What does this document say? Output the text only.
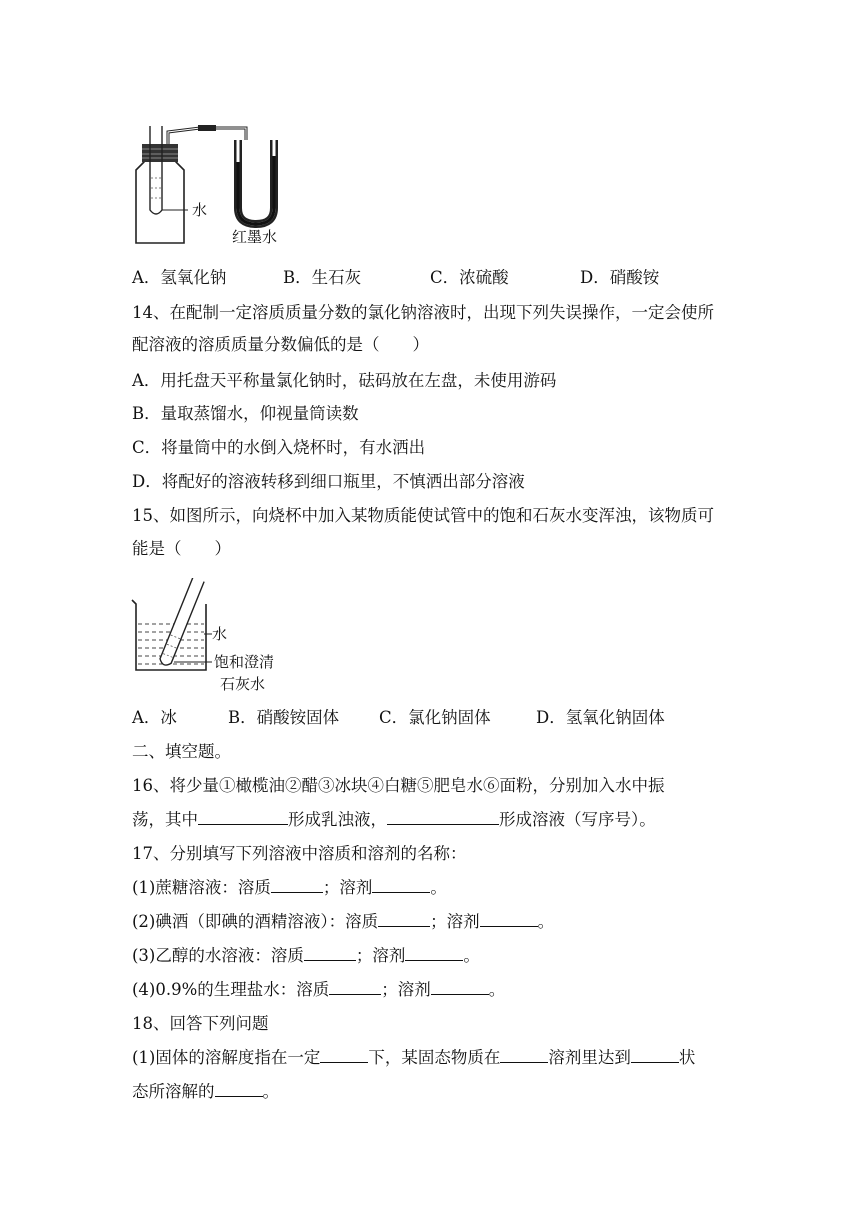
水
红墨水
A．氢氧化钠	B．生石灰	C．浓硫酸	D．硝酸铵
14、在配制一定溶质质量分数的氯化钠溶液时，出现下列失误操作，一定会使所
配溶液的溶质质量分数偏低的是（　　）
A．用托盘天平称量氯化钠时，砝码放在左盘，未使用游码
B．量取蒸馏水，仰视量筒读数
C．将量筒中的水倒入烧杯时，有水洒出
D．将配好的溶液转移到细口瓶里，不慎洒出部分溶液
15、如图所示，向烧杯中加入某物质能使试管中的饱和石灰水变浑浊，该物质可
能是（　　）
水
饱和澄清
石灰水
A．冰	B．硝酸铵固体 C．氯化钠固体	D．氢氧化钠固体
二、填空题。
16、将少量①橄榄油②醋③冰块④白糖⑤肥皂水⑥面粉，分别加入水中振
荡，其中	形成乳浊液，	形成溶液（写序号）。
17、分别填写下列溶液中溶质和溶剂的名称：
(1)蔗糖溶液：溶质	；溶剂	。
(2)碘酒（即碘的酒精溶液）：溶质	；溶剂	。
(3)乙醇的水溶液：溶质	；溶剂	。
(4)0.9%的生理盐水：溶质	；溶剂	。
18、回答下列问题
(1)固体的溶解度指在一定	下，某固态物质在	溶剂里达到	状
态所溶解的	。
